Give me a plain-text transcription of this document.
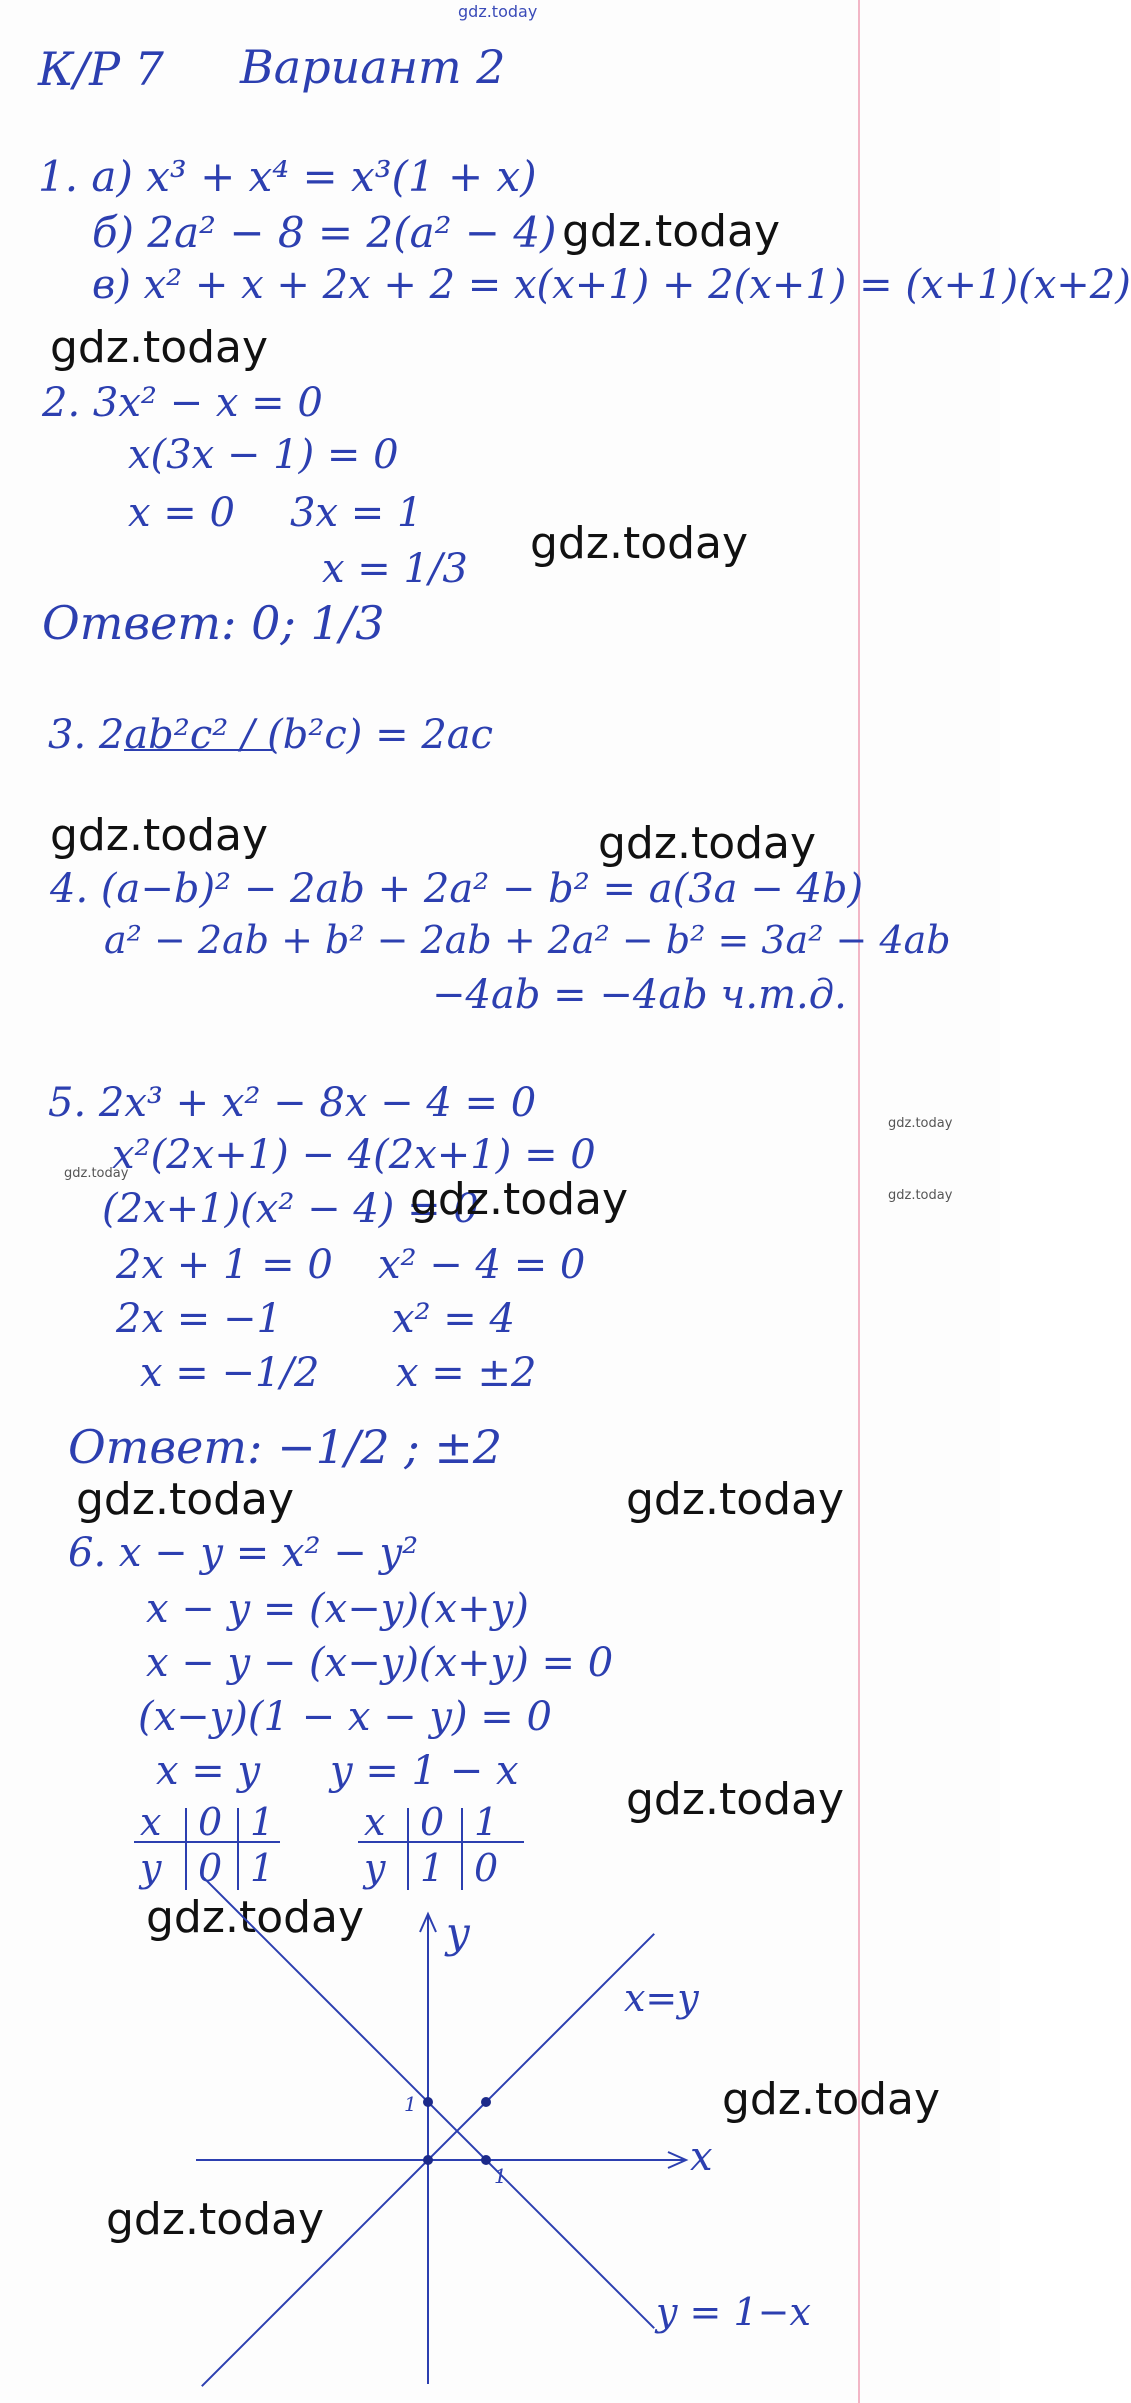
gdz.today
К/Р 7 Вариант 2
1. а) x³ + x⁴ = x³(1 + x)
б) 2a² − 8 = 2(a² − 4) gdz.today
в) x² + x + 2x + 2 = x(x+1) + 2(x+1) = (x+1)(x+2)
gdz.today
2. 3x² − x = 0
x(3x − 1) = 0
x = 0 3x = 1
x = 1/3 gdz.today
Ответ: 0; 1/3
3. 2ab²c² / (b²c) = 2ac
gdz.today	gdz.today
4. (a−b)² − 2ab + 2a² − b² = a(3a − 4b)
a² − 2ab + b² − 2ab + 2a² − b² = 3a² − 4ab
−4ab = −4ab ч.т.д.
5. 2x³ + x² − 8x − 4 = 0
x²(2x+1) − 4(2x+1) = 0
gdz.today
gdz.today
gdz.today
(2x+1)(x² − 4) = 0
gdz.today
2x + 1 = 0 x² − 4 = 0
2x = −1	x² = 4
x = −1/2 x = ±2
Ответ: −1/2 ; ±2
gdz.today	gdz.today
6. x − y = x² − y²
x − y = (x−y)(x+y)
x − y − (x−y)(x+y) = 0
(x−y)(1 − x − y) = 0
x = y y = 1 − x
gdz.today
x 0 1
y 0 1
x 0 1
y 1 0
gdz.today
gdz.today
gdz.today
y
x
x=y
y = 1−x
1
1
